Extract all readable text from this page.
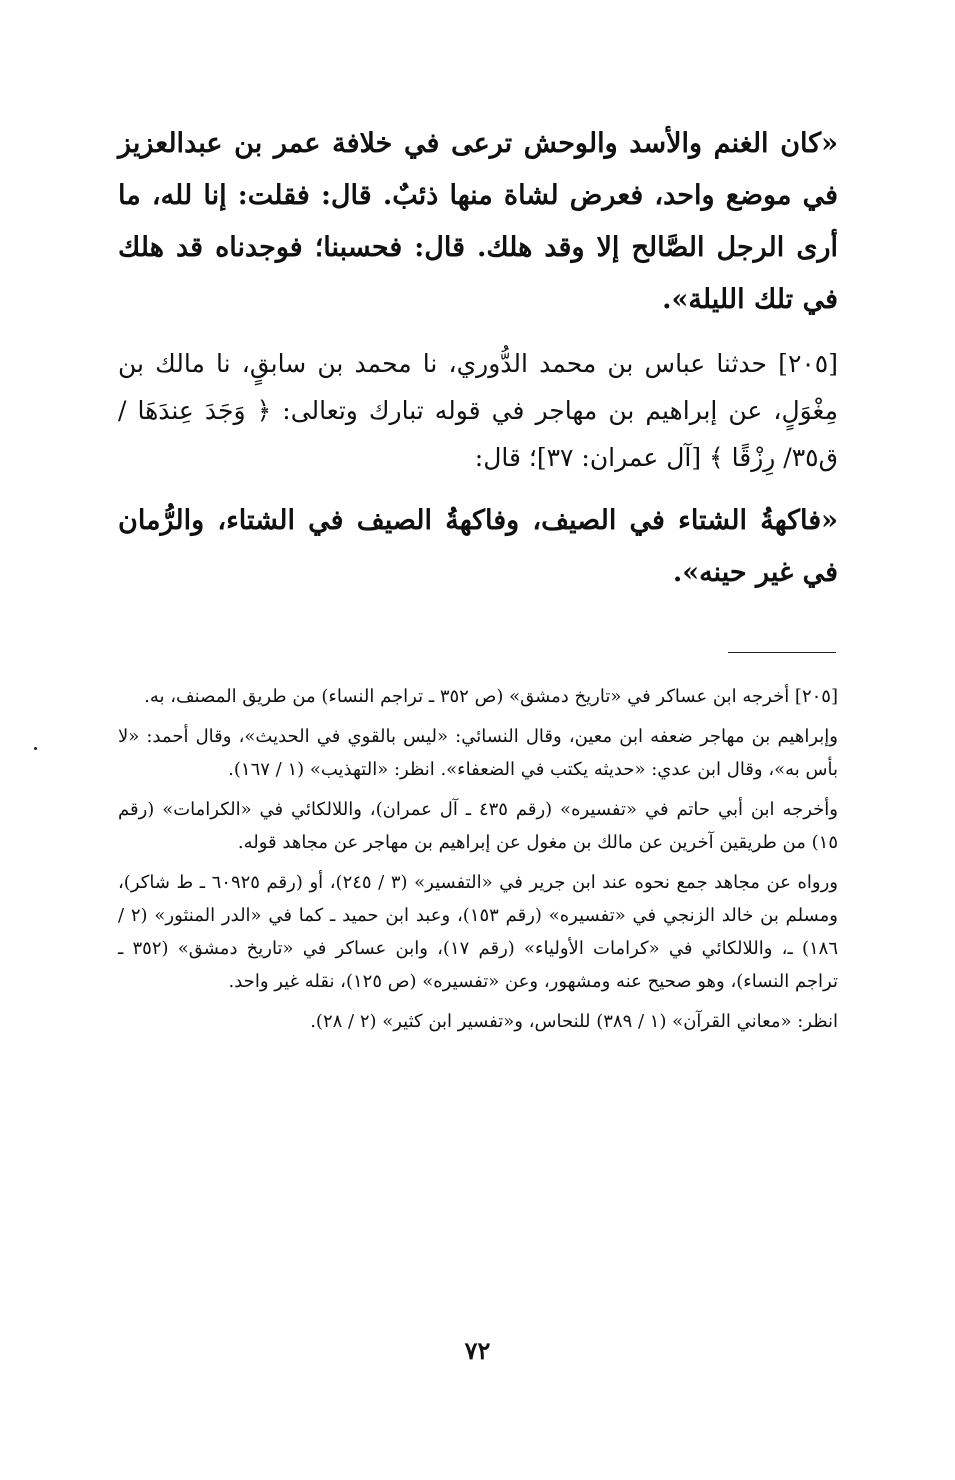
«كان الغنم والأسد والوحش ترعى في خلافة عمر بن عبدالعزيز في موضع واحد، فعرض لشاة منها ذئبٌ. قال: فقلت: إنا لله، ما أرى الرجل الصَّالح إلا وقد هلك. قال: فحسبنا؛ فوجدناه قد هلك في تلك الليلة».

[٢٠٥] حدثنا عباس بن محمد الدُّوري، نا محمد بن سابقٍ، نا مالك بن مِغْوَلٍ، عن إبراهيم بن مهاجر في قوله تبارك وتعالى: ﴿ وَجَدَ عِندَهَا / ق٣٥/ رِزْقًا ﴾ [آل عمران: ٣٧]؛ قال:

«فاكهةُ الشتاء في الصيف، وفاكهةُ الصيف في الشتاء، والرُّمان في غير حينه».

[٢٠٥] أخرجه ابن عساكر في «تاريخ دمشق» (ص ٣٥٢ ـ تراجم النساء) من طريق المصنف، به.

وإبراهيم بن مهاجر ضعفه ابن معين، وقال النسائي: «ليس بالقوي في الحديث»، وقال أحمد: «لا بأس به»، وقال ابن عدي: «حديثه يكتب في الضعفاء». انظر: «التهذيب» (١ / ١٦٧).

وأخرجه ابن أبي حاتم في «تفسيره» (رقم ٤٣٥ ـ آل عمران)، واللالكائي في «الكرامات» (رقم ١٥) من طريقين آخرين عن مالك بن مغول عن إبراهيم بن مهاجر عن مجاهد قوله.

ورواه عن مجاهد جمع نحوه عند ابن جرير في «التفسير» (٣ / ٢٤٥)، أو (رقم ٦٠٩٢٥ ـ ط شاكر)، ومسلم بن خالد الزنجي في «تفسيره» (رقم ١٥٣)، وعبد ابن حميد ـ كما في «الدر المنثور» (٢ / ١٨٦) ـ، واللالكائي في «كرامات الأولياء» (رقم ١٧)، وابن عساكر في «تاريخ دمشق» (٣٥٢ ـ تراجم النساء)، وهو صحيح عنه ومشهور، وعن «تفسيره» (ص ١٢٥)، نقله غير واحد.

انظر: «معاني القرآن» (١ / ٣٨٩) للنحاس، و«تفسير ابن كثير» (٢ / ٢٨).

٧٢
